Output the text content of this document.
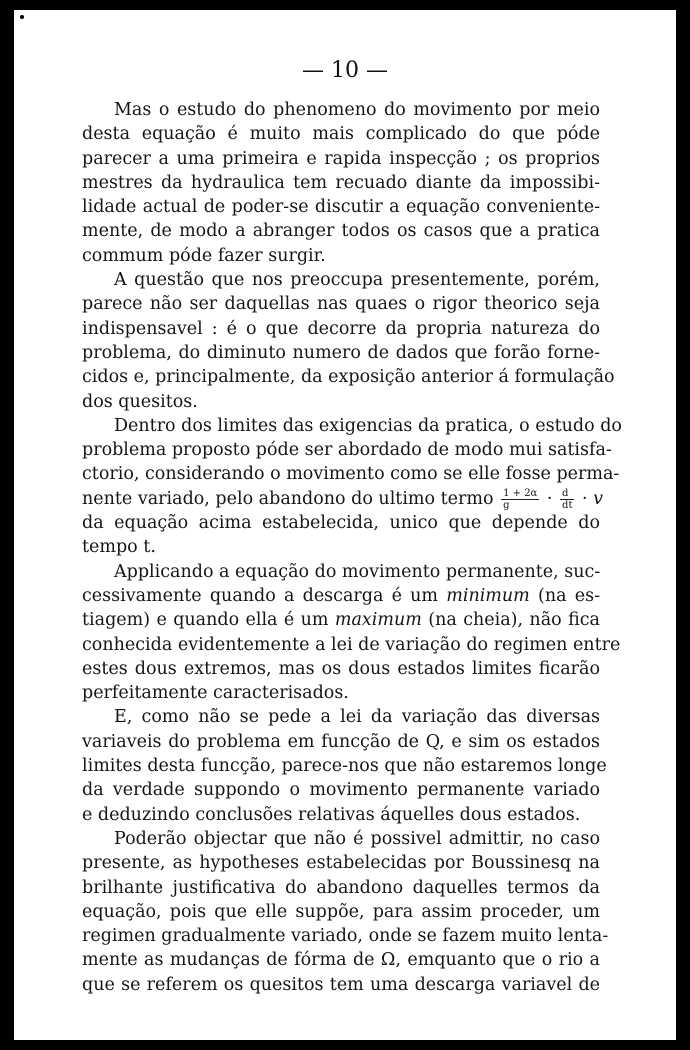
— 10 —
Mas o estudo do phenomeno do movimento por meio
desta equação é muito mais complicado do que póde
parecer a uma primeira e rapida inspecção ; os proprios
mestres da hydraulica tem recuado diante da impossibi-
lidade actual de poder-se discutir a equação conveniente-
mente, de modo a abranger todos os casos que a pratica
commum póde fazer surgir.
A questão que nos preoccupa presentemente, porém,
parece não ser daquellas nas quaes o rigor theorico seja
indispensavel : é o que decorre da propria natureza do
problema, do diminuto numero de dados que forão forne-
cidos e, principalmente, da exposição anterior á formulação
dos quesitos.
Dentro dos limites das exigencias da pratica, o estudo do
problema proposto póde ser abordado de modo mui satisfa-
ctorio, considerando o movimento como se elle fosse perma-
nente variado, pelo abandono do ultimo termo $\frac{1 + 2\alpha}{g} \cdot \frac{d}{dt} \cdot v$
da equação acima estabelecida, unico que depende do
tempo t.
Applicando a equação do movimento permanente, suc-
cessivamente quando a descarga é um minimum (na es-
tiagem) e quando ella é um maximum (na cheia), não fica
conhecida evidentemente a lei de variação do regimen entre
estes dous extremos, mas os dous estados limites ficarão
perfeitamente caracterisados.
E, como não se pede a lei da variação das diversas
variaveis do problema em funcção de Q, e sim os estados
limites desta funcção, parece-nos que não estaremos longe
da verdade suppondo o movimento permanente variado
e deduzindo conclusões relativas áquelles dous estados.
Poderão objectar que não é possivel admittir, no caso
presente, as hypotheses estabelecidas por Boussinesq na
brilhante justificativa do abandono daquelles termos da
equação, pois que elle suppõe, para assim proceder, um
regimen gradualmente variado, onde se fazem muito lenta-
mente as mudanças de fórma de Ω, emquanto que o rio a
que se referem os quesitos tem uma descarga variavel de
